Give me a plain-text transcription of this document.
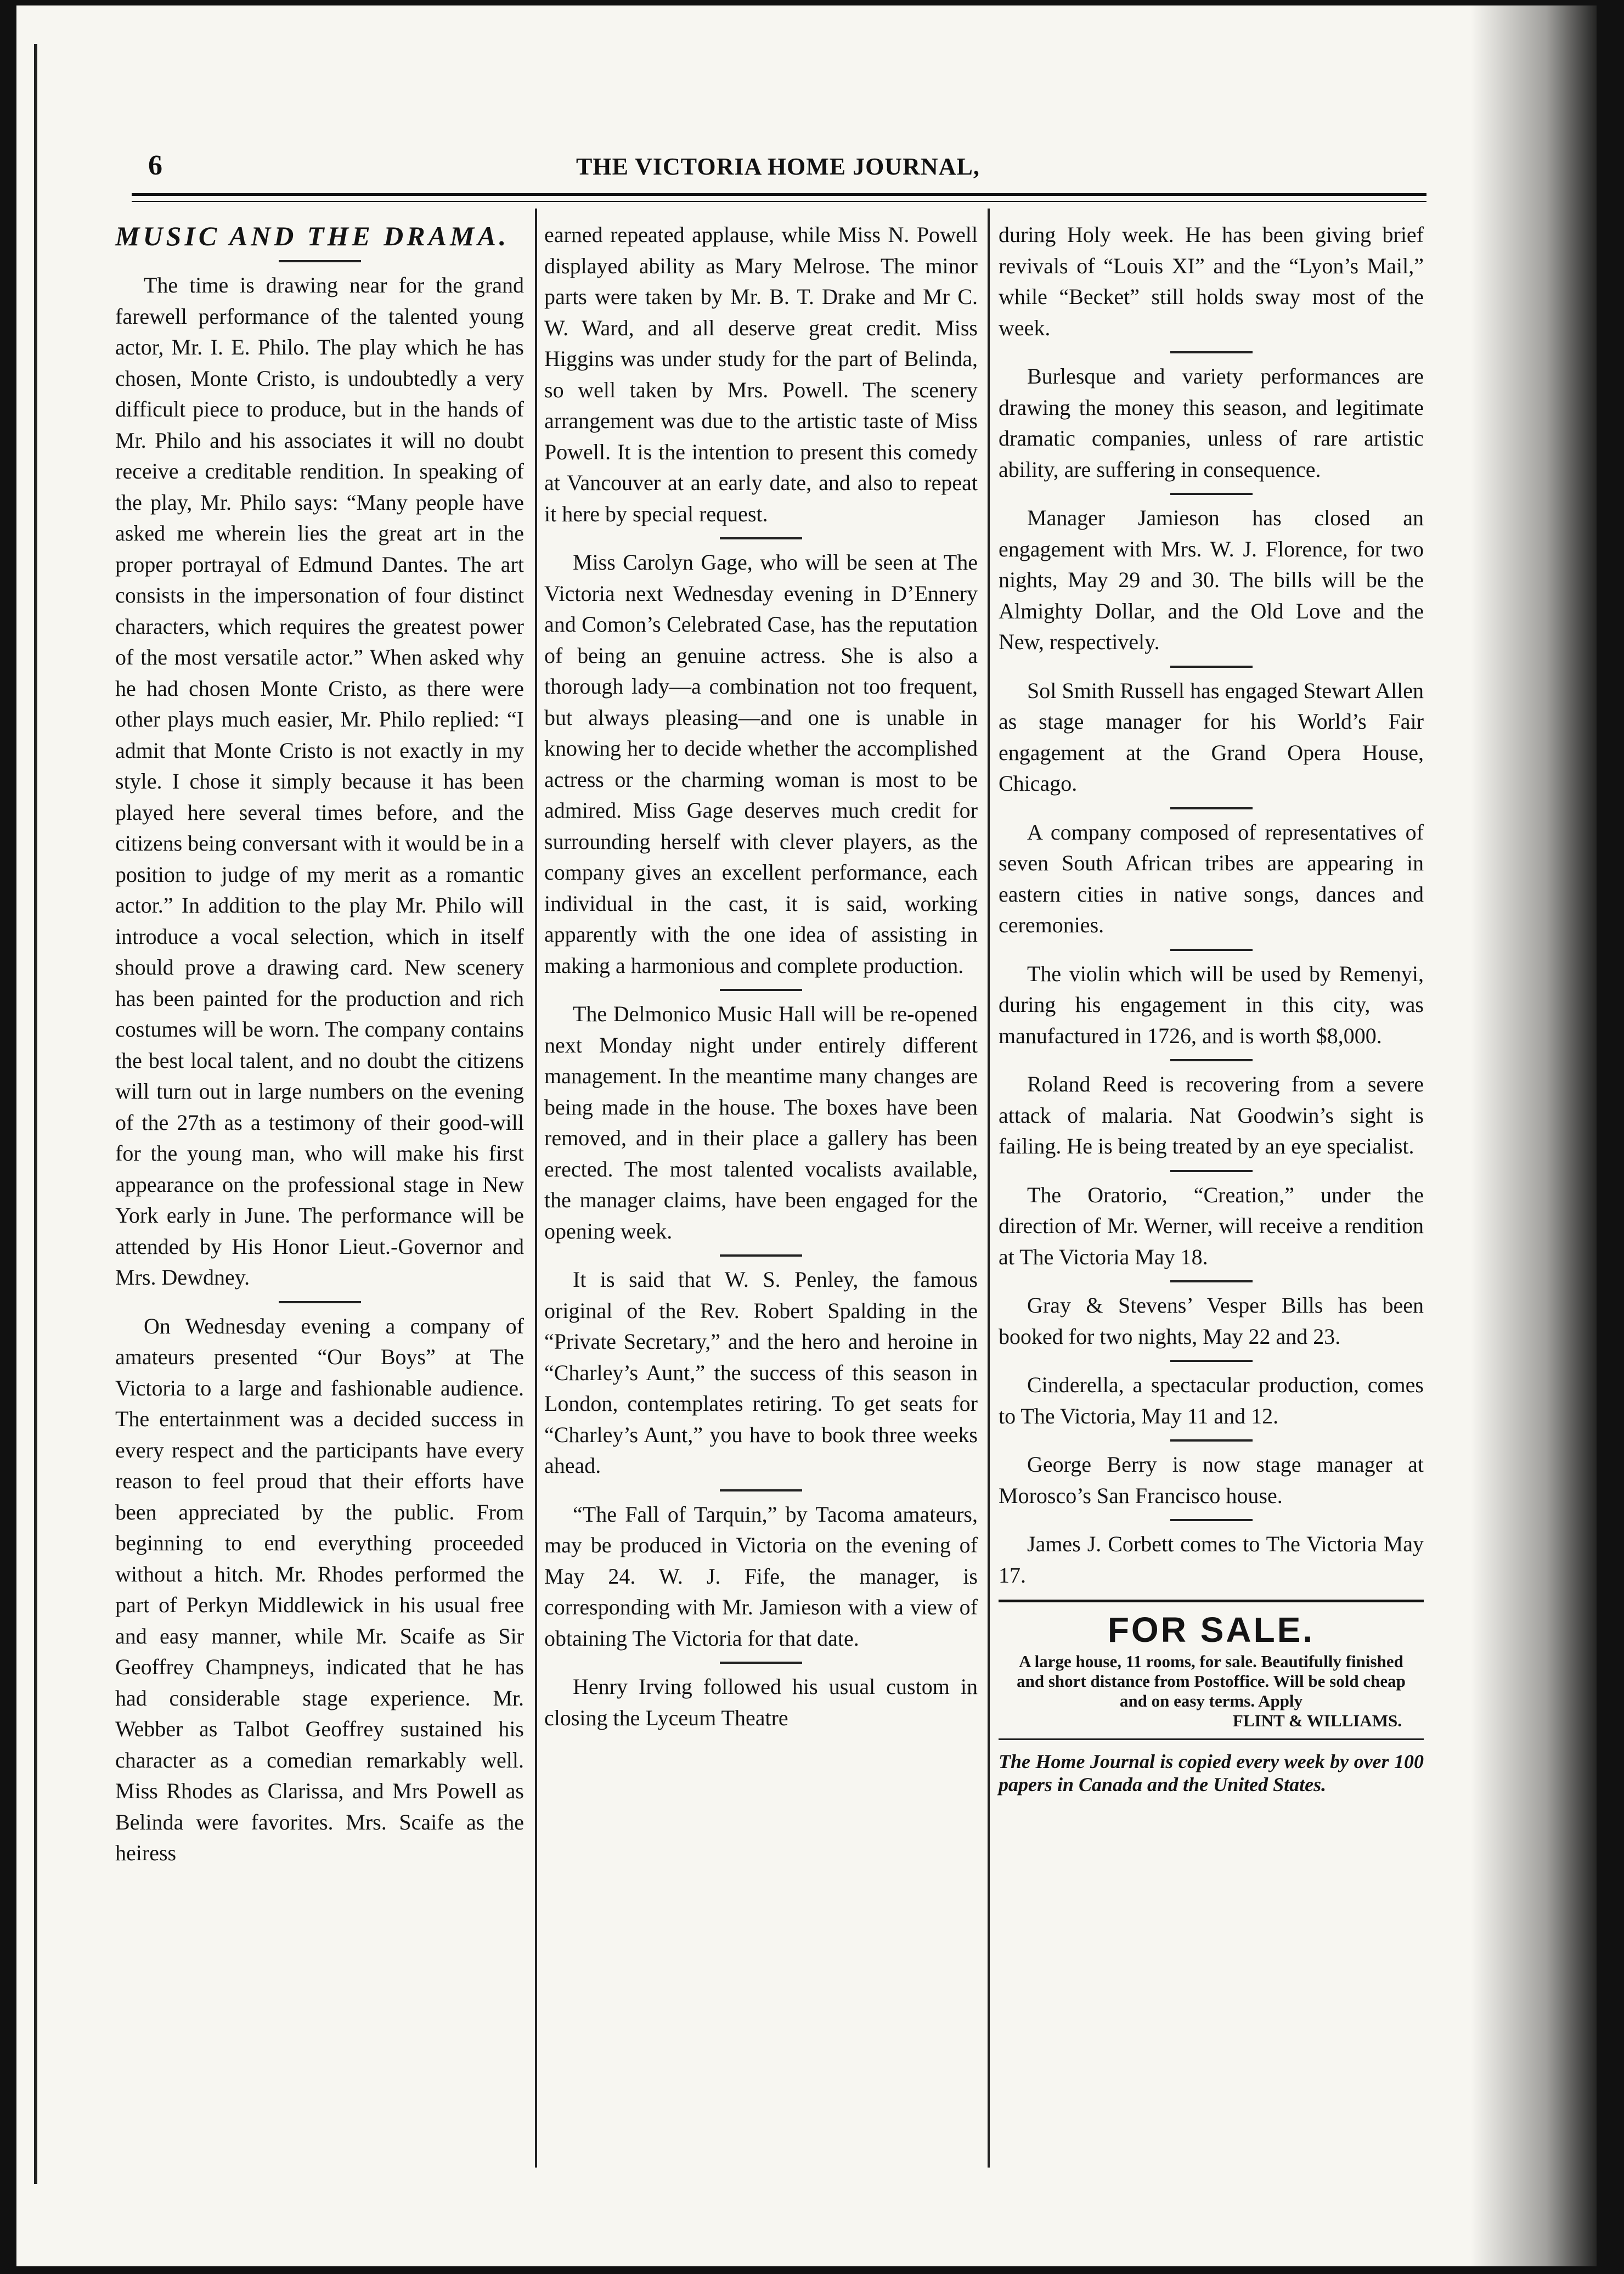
6	THE VICTORIA HOME JOURNAL,
MUSIC AND THE DRAMA.

The time is drawing near for the grand farewell performance of the talented young actor, Mr. I. E. Philo. The play which he has chosen, Monte Cristo, is undoubtedly a very difficult piece to produce, but in the hands of Mr. Philo and his associates it will no doubt receive a creditable rendition. In speaking of the play, Mr. Philo says: “Many people have asked me wherein lies the great art in the proper portrayal of Edmund Dantes. The art consists in the impersonation of four distinct characters, which requires the greatest power of the most versatile actor.” When asked why he had chosen Monte Cristo, as there were other plays much easier, Mr. Philo replied: “I admit that Monte Cristo is not exactly in my style. I chose it simply because it has been played here several times before, and the citizens being conversant with it would be in a position to judge of my merit as a romantic actor.” In addition to the play Mr. Philo will introduce a vocal selection, which in itself should prove a drawing card. New scenery has been painted for the production and rich costumes will be worn. The company contains the best local talent, and no doubt the citizens will turn out in large numbers on the evening of the 27th as a testimony of their good-will for the young man, who will make his first appearance on the professional stage in New York early in June. The performance will be attended by His Honor Lieut.-Governor and Mrs. Dewdney.

On Wednesday evening a company of amateurs presented “Our Boys” at The Victoria to a large and fashionable audience. The entertainment was a decided success in every respect and the participants have every reason to feel proud that their efforts have been appreciated by the public. From beginning to end everything proceeded without a hitch. Mr. Rhodes performed the part of Perkyn Middlewick in his usual free and easy manner, while Mr. Scaife as Sir Geoffrey Champneys, indicated that he has had considerable stage experience. Mr. Webber as Talbot Geoffrey sustained his character as a comedian remarkably well. Miss Rhodes as Clarissa, and Mrs Powell as Belinda were favorites. Mrs. Scaife as the heiress

earned repeated applause, while Miss N. Powell displayed ability as Mary Melrose. The minor parts were taken by Mr. B. T. Drake and Mr C. W. Ward, and all deserve great credit. Miss Higgins was under study for the part of Belinda, so well taken by Mrs. Powell. The scenery arrangement was due to the artistic taste of Miss Powell. It is the intention to present this comedy at Vancouver at an early date, and also to repeat it here by special request.

Miss Carolyn Gage, who will be seen at The Victoria next Wednesday evening in D’Ennery and Comon’s Celebrated Case, has the reputation of being an genuine actress. She is also a thorough lady—a combination not too frequent, but always pleasing—and one is unable in knowing her to decide whether the accomplished actress or the charming woman is most to be admired. Miss Gage deserves much credit for surrounding herself with clever players, as the company gives an excellent performance, each individual in the cast, it is said, working apparently with the one idea of assisting in making a harmonious and complete production.

The Delmonico Music Hall will be re-opened next Monday night under entirely different management. In the meantime many changes are being made in the house. The boxes have been removed, and in their place a gallery has been erected. The most talented vocalists available, the manager claims, have been engaged for the opening week.

It is said that W. S. Penley, the famous original of the Rev. Robert Spalding in the “Private Secretary,” and the hero and heroine in “Charley’s Aunt,” the success of this season in London, contemplates retiring. To get seats for “Charley’s Aunt,” you have to book three weeks ahead.

“The Fall of Tarquin,” by Tacoma amateurs, may be produced in Victoria on the evening of May 24. W. J. Fife, the manager, is corresponding with Mr. Jamieson with a view of obtaining The Victoria for that date.

Henry Irving followed his usual custom in closing the Lyceum Theatre

during Holy week. He has been giving brief revivals of “Louis XI” and the “Lyon’s Mail,” while “Becket” still holds sway most of the week.

Burlesque and variety performances are drawing the money this season, and legitimate dramatic companies, unless of rare artistic ability, are suffering in consequence.

Manager Jamieson has closed an engagement with Mrs. W. J. Florence, for two nights, May 29 and 30. The bills will be the Almighty Dollar, and the Old Love and the New, respectively.

Sol Smith Russell has engaged Stewart Allen as stage manager for his World’s Fair engagement at the Grand Opera House, Chicago.

A company composed of representatives of seven South African tribes are appearing in eastern cities in native songs, dances and ceremonies.

The violin which will be used by Remenyi, during his engagement in this city, was manufactured in 1726, and is worth $8,000.

Roland Reed is recovering from a severe attack of malaria. Nat Goodwin’s sight is failing. He is being treated by an eye specialist.

The Oratorio, “Creation,” under the direction of Mr. Werner, will receive a rendition at The Victoria May 18.

Gray & Stevens’ Vesper Bills has been booked for two nights, May 22 and 23.

Cinderella, a spectacular production, comes to The Victoria, May 11 and 12.

George Berry is now stage manager at Morosco’s San Francisco house.

James J. Corbett comes to The Victoria May 17.

FOR SALE.
A large house, 11 rooms, for sale. Beautifully finished and short distance from Postoffice. Will be sold cheap and on easy terms. Apply
FLINT & WILLIAMS.
The Home Journal is copied every week by over 100 papers in Canada and the United States.
